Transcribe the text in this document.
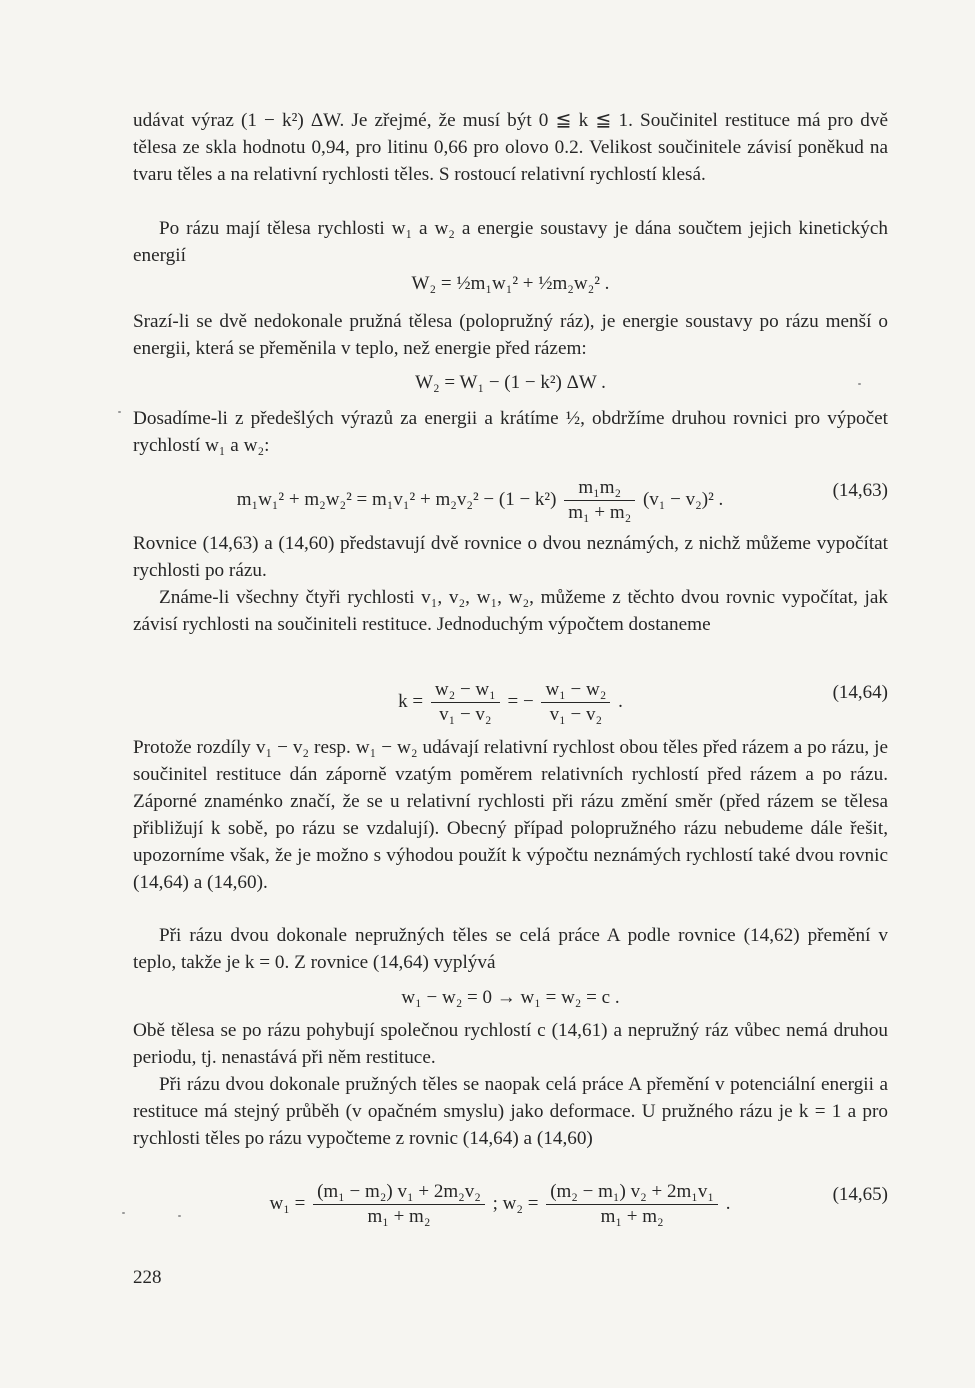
udávat výraz (1 − k²) ΔW. Je zřejmé, že musí být 0 ≦ k ≦ 1. Součinitel restituce má pro dvě tělesa ze skla hodnotu 0,94, pro litinu 0,66 pro olovo 0.2. Velikost součinitele závisí poněkud na tvaru těles a na relativní rychlosti těles. S rostoucí relativní rychlostí klesá.

Po rázu mají tělesa rychlosti w₁ a w₂ a energie soustavy je dána součtem jejich kinetických energií

W₂ = ½m₁w₁² + ½m₂w₂² .

Srazí-li se dvě nedokonale pružná tělesa (polopružný ráz), je energie soustavy po rázu menší o energii, která se přeměnila v teplo, než energie před rázem:

W₂ = W₁ − (1 − k²) ΔW .

Dosadíme-li z předešlých výrazů za energii a krátíme ½, obdržíme druhou rovnici pro výpočet rychlostí w₁ a w₂:

$m_1w_1^2 + m_2w_2^2 = m_1v_1^2 + m_2v_2^2 - (1 - k^2) \frac{\text{m₁m₂}}{\text{m₁ + m₂}} (v_1 - v_2)^2$ .	(14,63)

Rovnice (14,63) a (14,60) představují dvě rovnice o dvou neznámých, z nichž můžeme vypočítat rychlosti po rázu.

Známe-li všechny čtyři rychlosti v₁, v₂, w₁, w₂, můžeme z těchto dvou rovnic vypočítat, jak závisí rychlosti na součiniteli restituce. Jednoduchým výpočtem dostaneme

$k = \frac{\text{w₂ − w₁}}{\text{v₁ − v₂}}$ = − $\frac{\text{w₁ − w₂}}{\text{v₁ − v₂}}$ .	(14,64)

Protože rozdíly v₁ − v₂ resp. w₁ − w₂ udávají relativní rychlost obou těles před rázem a po rázu, je součinitel restituce dán záporně vzatým poměrem relativních rychlostí před rázem a po rázu. Záporné znaménko značí, že se u relativní rychlosti při rázu změní směr (před rázem se tělesa přibližují k sobě, po rázu se vzdalují). Obecný případ polopružného rázu nebudeme dále řešit, upozorníme však, že je možno s výhodou použít k výpočtu neznámých rychlostí také dvou rovnic (14,64) a (14,60).

Při rázu dvou dokonale nepružných těles se celá práce A podle rovnice (14,62) přemění v teplo, takže je k = 0. Z rovnice (14,64) vyplývá

w₁ − w₂ = 0 → w₁ = w₂ = c .

Obě tělesa se po rázu pohybují společnou rychlostí c (14,61) a nepružný ráz vůbec nemá druhou periodu, tj. nenastává při něm restituce.

Při rázu dvou dokonale pružných těles se naopak celá práce A přemění v potenciální energii a restituce má stejný průběh (v opačném smyslu) jako deformace. U pružného rázu je k = 1 a pro rychlosti těles po rázu vypočteme z rovnic (14,64) a (14,60)

$w_1 = \frac{\text{(m₁ − m₂) v₁ + 2m₂v₂}}{\text{m₁ + m₂}}$ ; $w_2 = \frac{\text{(m₂ − m₁) v₂ + 2m₁v₁}}{\text{m₁ + m₂}}$ .	(14,65)
228
